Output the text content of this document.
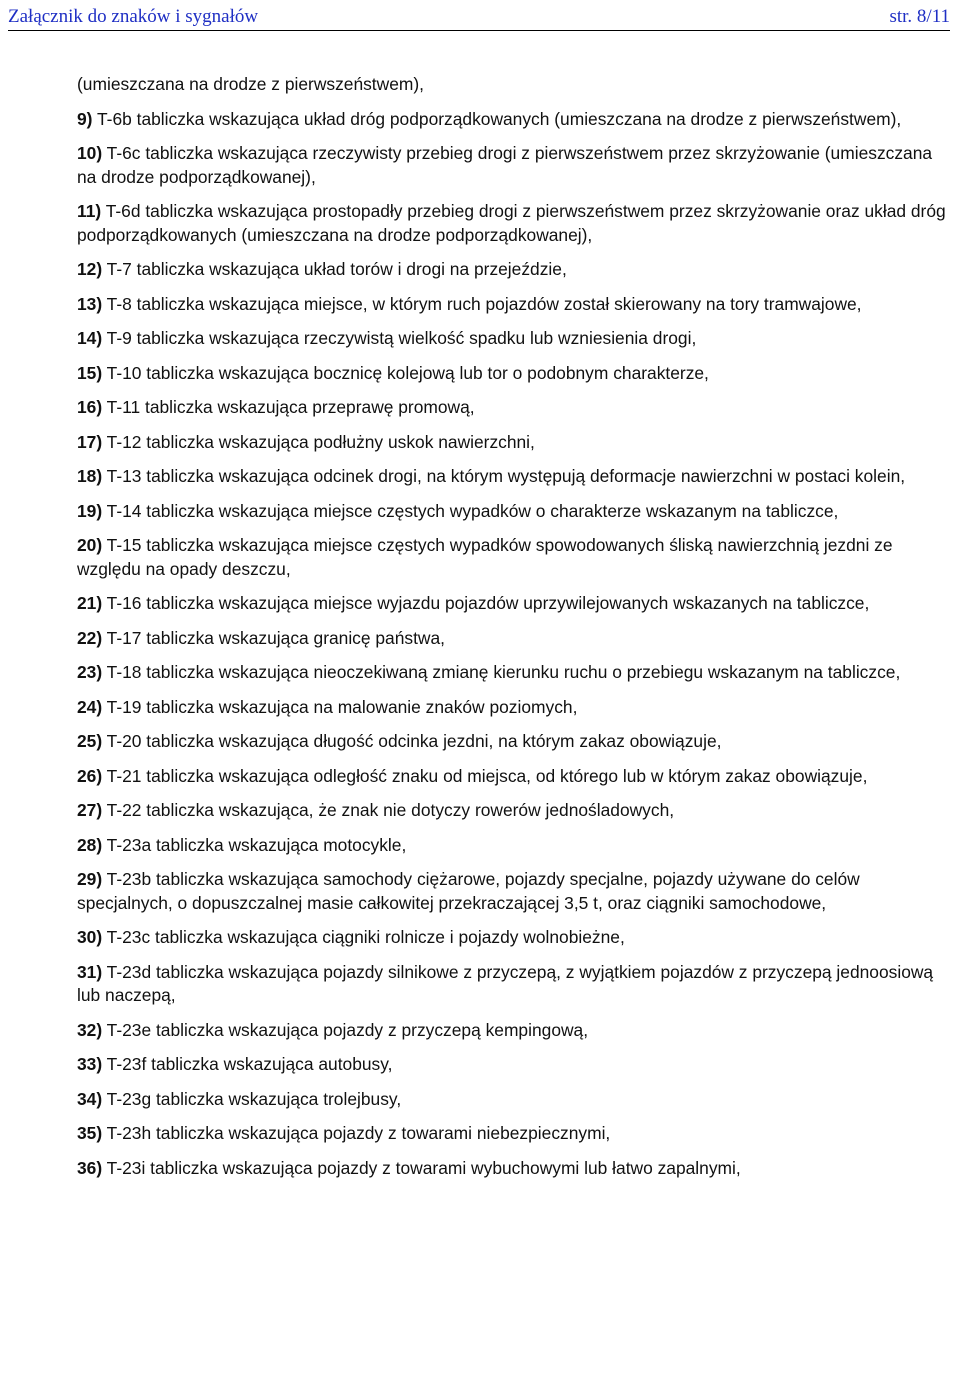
Załącznik do znaków i sygnałów	str. 8/11
(umieszczana na drodze z pierwszeństwem),
9) T-6b tabliczka wskazująca układ dróg podporządkowanych (umieszczana na drodze z pierwszeństwem),
10) T-6c tabliczka wskazująca rzeczywisty przebieg drogi z pierwszeństwem przez skrzyżowanie (umieszczana na drodze podporządkowanej),
11) T-6d tabliczka wskazująca prostopadły przebieg drogi z pierwszeństwem przez skrzyżowanie oraz układ dróg podporządkowanych (umieszczana na drodze podporządkowanej),
12) T-7 tabliczka wskazująca układ torów i drogi na przejeździe,
13) T-8 tabliczka wskazująca miejsce, w którym ruch pojazdów został skierowany na tory tramwajowe,
14) T-9 tabliczka wskazująca rzeczywistą wielkość spadku lub wzniesienia drogi,
15) T-10 tabliczka wskazująca bocznicę kolejową lub tor o podobnym charakterze,
16) T-11 tabliczka wskazująca przeprawę promową,
17) T-12 tabliczka wskazująca podłużny uskok nawierzchni,
18) T-13 tabliczka wskazująca odcinek drogi, na którym występują deformacje nawierzchni w postaci kolein,
19) T-14 tabliczka wskazująca miejsce częstych wypadków o charakterze wskazanym na tabliczce,
20) T-15 tabliczka wskazująca miejsce częstych wypadków spowodowanych śliską nawierzchnią jezdni ze względu na opady deszczu,
21) T-16 tabliczka wskazująca miejsce wyjazdu pojazdów uprzywilejowanych wskazanych na tabliczce,
22) T-17 tabliczka wskazująca granicę państwa,
23) T-18 tabliczka wskazująca nieoczekiwaną zmianę kierunku ruchu o przebiegu wskazanym na tabliczce,
24) T-19 tabliczka wskazująca na malowanie znaków poziomych,
25) T-20 tabliczka wskazująca długość odcinka jezdni, na którym zakaz obowiązuje,
26) T-21 tabliczka wskazująca odległość znaku od miejsca, od którego lub w którym zakaz obowiązuje,
27) T-22 tabliczka wskazująca, że znak nie dotyczy rowerów jednośladowych,
28) T-23a tabliczka wskazująca motocykle,
29) T-23b tabliczka wskazująca samochody ciężarowe, pojazdy specjalne, pojazdy używane do celów specjalnych, o dopuszczalnej masie całkowitej przekraczającej 3,5 t, oraz ciągniki samochodowe,
30) T-23c tabliczka wskazująca ciągniki rolnicze i pojazdy wolnobieżne,
31) T-23d tabliczka wskazująca pojazdy silnikowe z przyczepą, z wyjątkiem pojazdów z przyczepą jednoosiową lub naczepą,
32) T-23e tabliczka wskazująca pojazdy z przyczepą kempingową,
33) T-23f tabliczka wskazująca autobusy,
34) T-23g tabliczka wskazująca trolejbusy,
35) T-23h tabliczka wskazująca pojazdy z towarami niebezpiecznymi,
36) T-23i tabliczka wskazująca pojazdy z towarami wybuchowymi lub łatwo zapalnymi,
